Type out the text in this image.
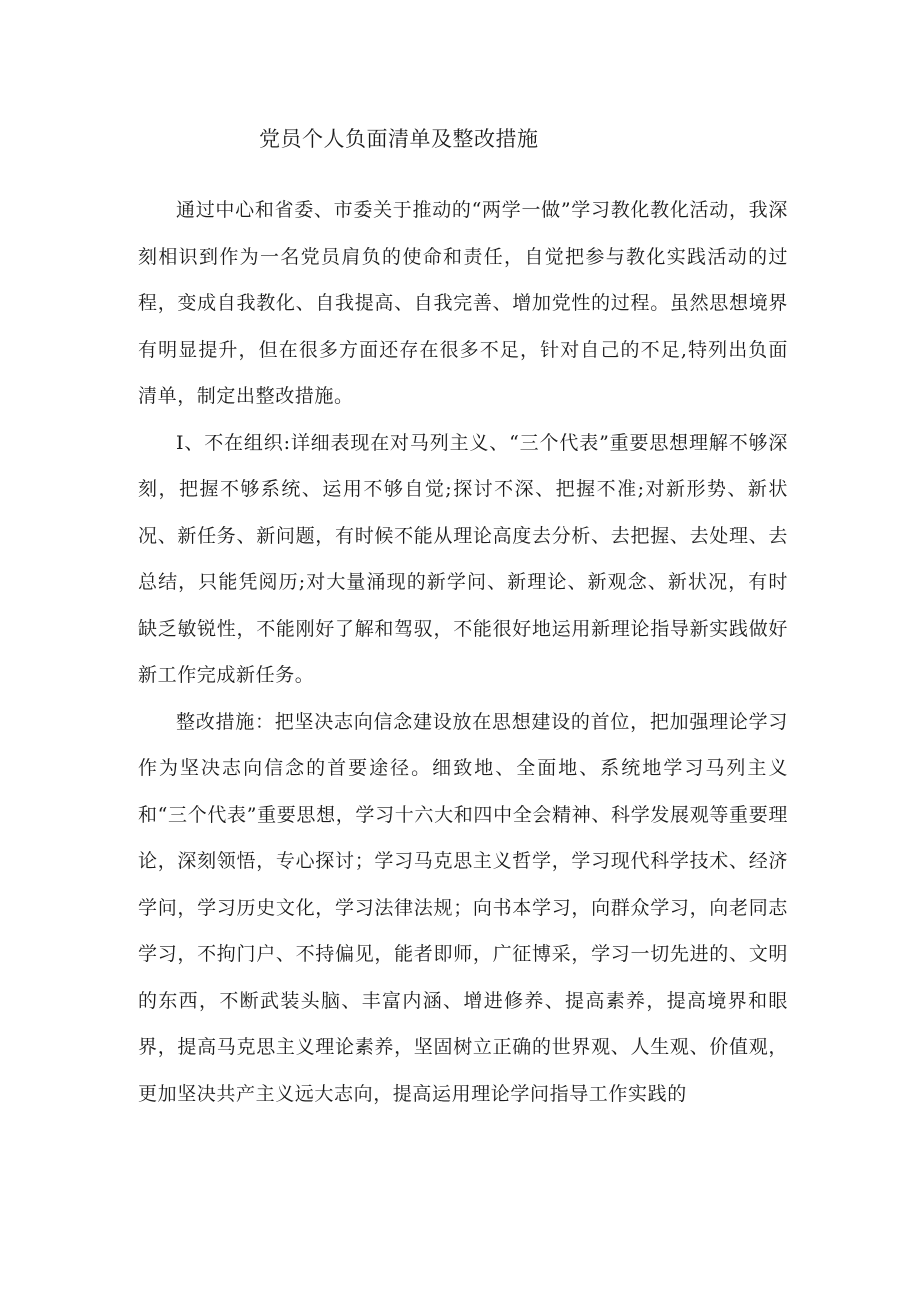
党员个人负面清单及整改措施

通过中心和省委、市委关于推动的“两学一做”学习教化教化活动，我深刻相识到作为一名党员肩负的使命和责任，自觉把参与教化实践活动的过程，变成自我教化、自我提高、自我完善、增加党性的过程。虽然思想境界有明显提升，但在很多方面还存在很多不足，针对自己的不足,特列出负面清单，制定出整改措施。

I、不在组织:详细表现在对马列主义、“三个代表”重要思想理解不够深刻，把握不够系统、运用不够自觉;探讨不深、把握不准;对新形势、新状况、新任务、新问题，有时候不能从理论高度去分析、去把握、去处理、去总结，只能凭阅历;对大量涌现的新学问、新理论、新观念、新状况，有时缺乏敏锐性，不能刚好了解和驾驭，不能很好地运用新理论指导新实践做好新工作完成新任务。

整改措施：把坚决志向信念建设放在思想建设的首位，把加强理论学习作为坚决志向信念的首要途径。细致地、全面地、系统地学习马列主义和“三个代表”重要思想，学习十六大和四中全会精神、科学发展观等重要理论，深刻领悟，专心探讨；学习马克思主义哲学，学习现代科学技术、经济学问，学习历史文化，学习法律法规；向书本学习，向群众学习，向老同志学习，不拘门户、不持偏见，能者即师，广征博采，学习一切先进的、文明的东西，不断武装头脑、丰富内涵、增进修养、提高素养，提高境界和眼界，提高马克思主义理论素养，坚固树立正确的世界观、人生观、价值观，更加坚决共产主义远大志向，提高运用理论学问指导工作实践的
